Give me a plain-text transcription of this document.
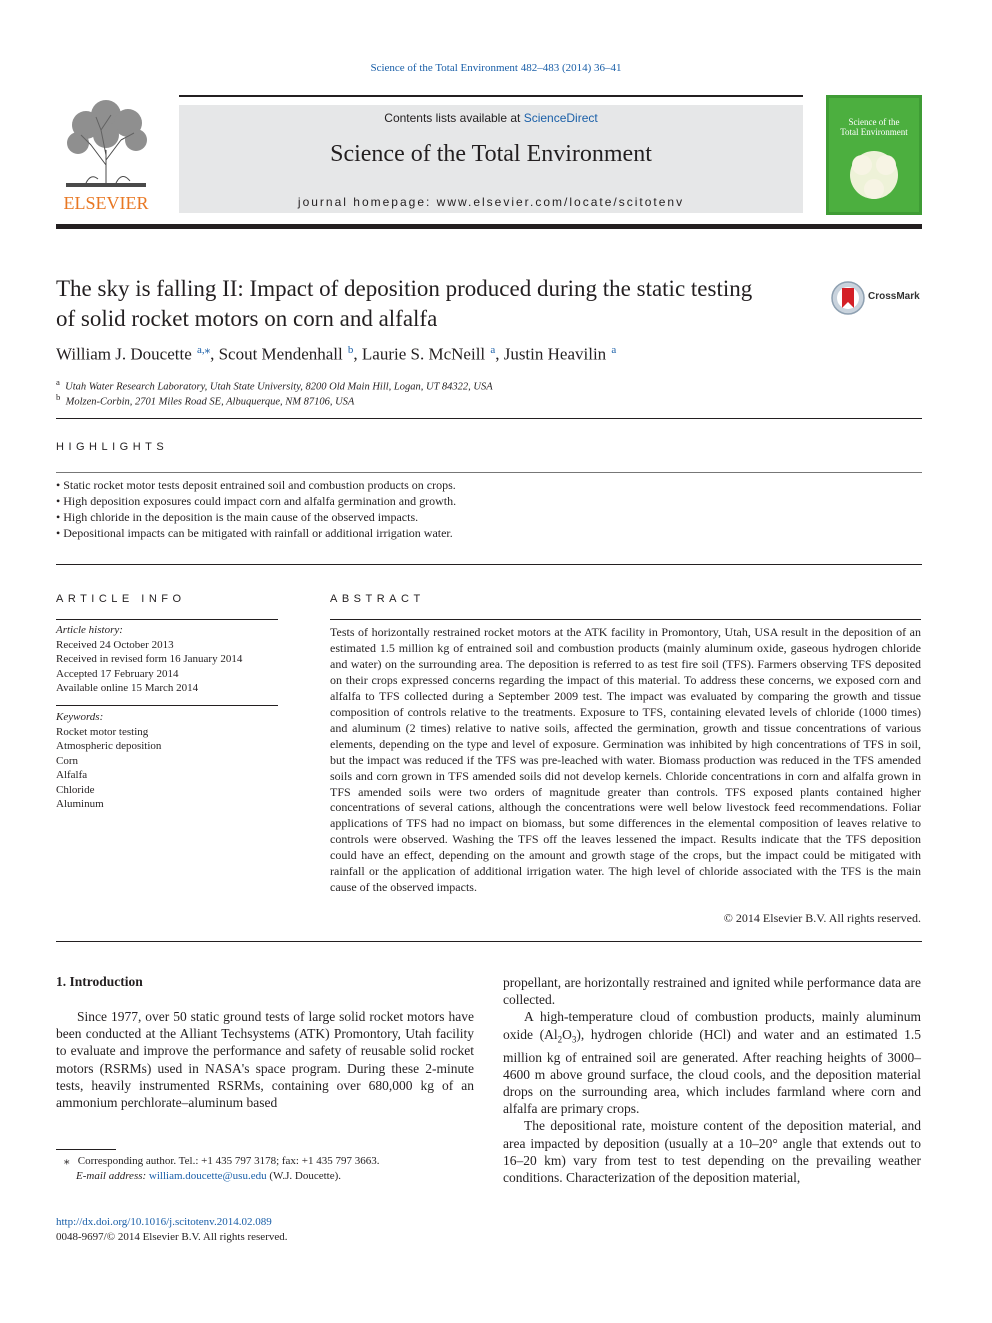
Science of the Total Environment 482–483 (2014) 36–41
ELSEVIER
Contents lists available at ScienceDirect
Science of the Total Environment
journal homepage: www.elsevier.com/locate/scitotenv
Science of the
Total Environment
The sky is falling II: Impact of deposition produced during the static testing of solid rocket motors on corn and alfalfa
CrossMark
William J. Doucette   $^{a,⁎}$, Scout Mendenhall   $^b$, Laurie S. McNeill   $^a$, Justin Heavilin   $^a$
$^a$ Utah Water Research Laboratory, Utah State University, 8200 Old Main Hill, Logan, UT 84322, USA
$^b$ Molzen-Corbin, 2701 Miles Road SE, Albuquerque, NM 87106, USA
HIGHLIGHTS
• Static rocket motor tests deposit entrained soil and combustion products on crops.
• High deposition exposures could impact corn and alfalfa germination and growth.
• High chloride in the deposition is the main cause of the observed impacts.
• Depositional impacts can be mitigated with rainfall or additional irrigation water.
ARTICLE INFO
Article history:
Received 24 October 2013
Received in revised form 16 January 2014
Accepted 17 February 2014
Available online 15 March 2014
Keywords:
Rocket motor testing
Atmospheric deposition
Corn
Alfalfa
Chloride
Aluminum
ABSTRACT
Tests of horizontally restrained rocket motors at the ATK facility in Promontory, Utah, USA result in the deposition of an estimated 1.5 million kg of entrained soil and combustion products (mainly aluminum oxide, gaseous hydrogen chloride and water) on the surrounding area. The deposition is referred to as test fire soil (TFS). Farmers observing TFS deposited on their crops expressed concerns regarding the impact of this material. To address these concerns, we exposed corn and alfalfa to TFS collected during a September 2009 test. The impact was evaluated by comparing the growth and tissue composition of controls relative to the treatments. Exposure to TFS, containing elevated levels of chloride (1000 times) and aluminum (2 times) relative to native soils, affected the germination, growth and tissue concentrations of various elements, depending on the type and level of exposure. Germination was inhibited by high concentrations of TFS in soil, but the impact was reduced if the TFS was pre-leached with water. Biomass production was reduced in the TFS amended soils and corn grown in TFS amended soils did not develop kernels. Chloride concentrations in corn and alfalfa grown in TFS amended soils were two orders of magnitude greater than controls. TFS exposed plants contained higher concentrations of several cations, although the concentrations were well below livestock feed recommendations. Foliar applications of TFS had no impact on biomass, but some differences in the elemental composition of leaves relative to controls were observed. Washing the TFS off the leaves lessened the impact. Results indicate that the TFS deposition could have an effect, depending on the amount and growth stage of the crops, but the impact could be mitigated with rainfall or the application of additional irrigation water. The high level of chloride associated with the TFS is the main cause of the observed impacts.
© 2014 Elsevier B.V. All rights reserved.
1. Introduction

Since 1977, over 50 static ground tests of large solid rocket motors have been conducted at the Alliant Techsystems (ATK) Promontory, Utah facility to evaluate and improve the performance and safety of reusable solid rocket motors (RSRMs) used in NASA's space program. During these 2-minute tests, heavily instrumented RSRMs, containing over 680,000 kg of an ammonium perchlorate–aluminum based

propellant, are horizontally restrained and ignited while performance data are collected.

A high-temperature cloud of combustion products, mainly aluminum oxide $(Al_2O_3)$, hydrogen chloride (HCl) and water and an estimated 1.5 million kg of entrained soil are generated. After reaching heights of 3000–4600 m above ground surface, the cloud cools, and the deposition material drops on the surrounding area, which includes farmland where corn and alfalfa are primary crops.

The depositional rate, moisture content of the deposition material, and area impacted by deposition (usually at a 10–20° angle that extends out to 16–20 km) vary from test to test depending on the prevailing weather conditions. Characterization of the deposition material,

⁎ Corresponding author. Tel.: +1 435 797 3178; fax: +1 435 797 3663.
E-mail address: william.doucette@usu.edu (W.J. Doucette).
http://dx.doi.org/10.1016/j.scitotenv.2014.02.089
0048-9697/© 2014 Elsevier B.V. All rights reserved.
